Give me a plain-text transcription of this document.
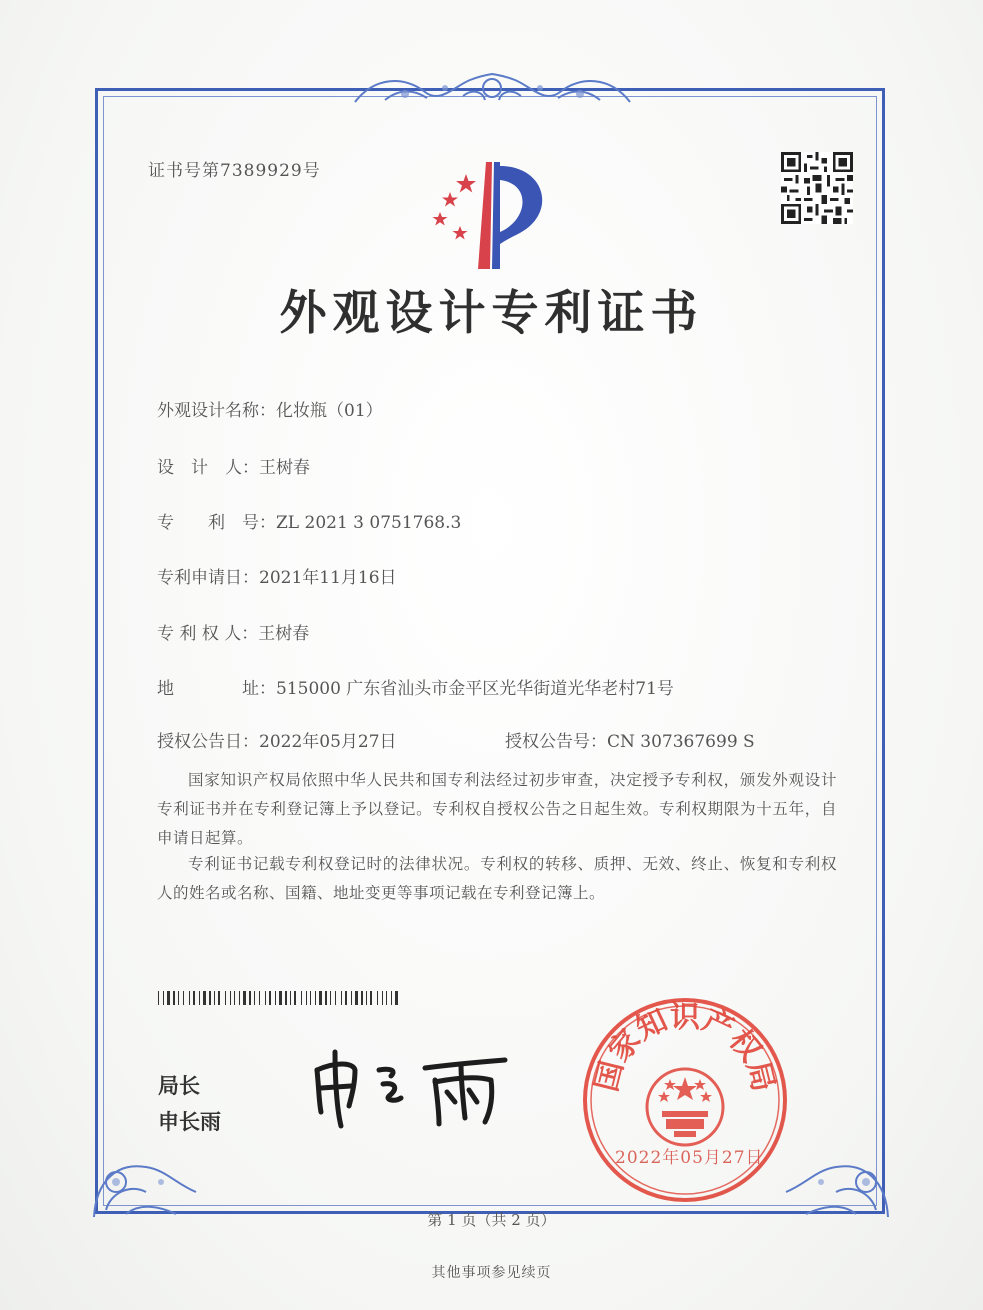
证书号第7389929号
外观设计专利证书
外观设计名称：化妆瓶（01）
设　计　人：王树春
专　　利　号：ZL 2021 3 0751768.3
专利申请日：2021年11月16日
专 利 权 人：王树春
地　　　　址：515000 广东省汕头市金平区光华街道光华老村71号
授权公告日：2022年05月27日	授权公告号：CN 307367699 S
国家知识产权局依照中华人民共和国专利法经过初步审查，决定授予专利权，颁发外观设计专利证书并在专利登记簿上予以登记。专利权自授权公告之日起生效。专利权期限为十五年，自申请日起算。
专利证书记载专利权登记时的法律状况。专利权的转移、质押、无效、终止、恢复和专利权人的姓名或名称、国籍、地址变更等事项记载在专利登记簿上。
局长
申长雨
国家知识产权局
2022年05月27日
第 1 页（共 2 页）
其他事项参见续页
